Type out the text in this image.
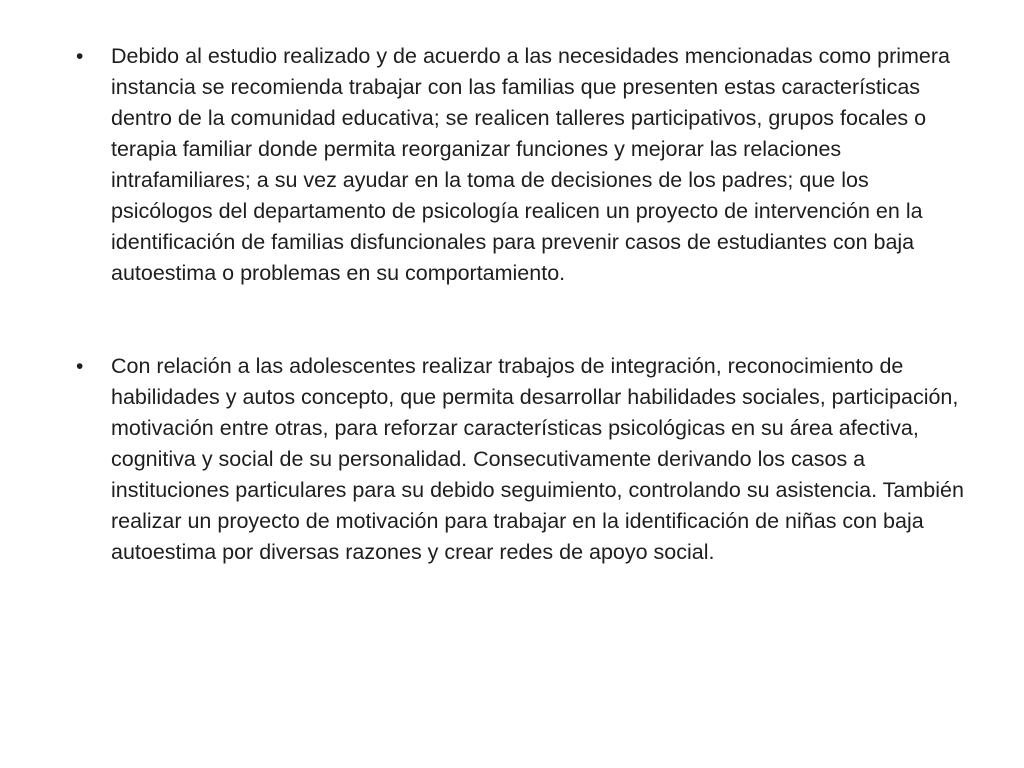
•	Debido al estudio realizado y de acuerdo a las necesidades mencionadas como primera instancia se recomienda trabajar con las familias que presenten estas características dentro de la comunidad educativa; se realicen talleres participativos, grupos focales o terapia familiar donde permita reorganizar funciones y mejorar las relaciones intrafamiliares; a su vez ayudar en la toma de decisiones de los padres; que los psicólogos del departamento de psicología realicen un proyecto de intervención en la identificación de familias disfuncionales para prevenir casos de estudiantes con baja autoestima o problemas en su comportamiento.

•	Con relación a las adolescentes realizar trabajos de integración, reconocimiento de habilidades y autos concepto, que permita desarrollar habilidades sociales, participación, motivación entre otras, para reforzar características psicológicas en su área afectiva, cognitiva y social de su personalidad. Consecutivamente derivando los casos a instituciones particulares para su debido seguimiento, controlando su asistencia. También realizar un proyecto de motivación para trabajar en la identificación de niñas con baja autoestima por diversas razones y crear redes de apoyo social.
